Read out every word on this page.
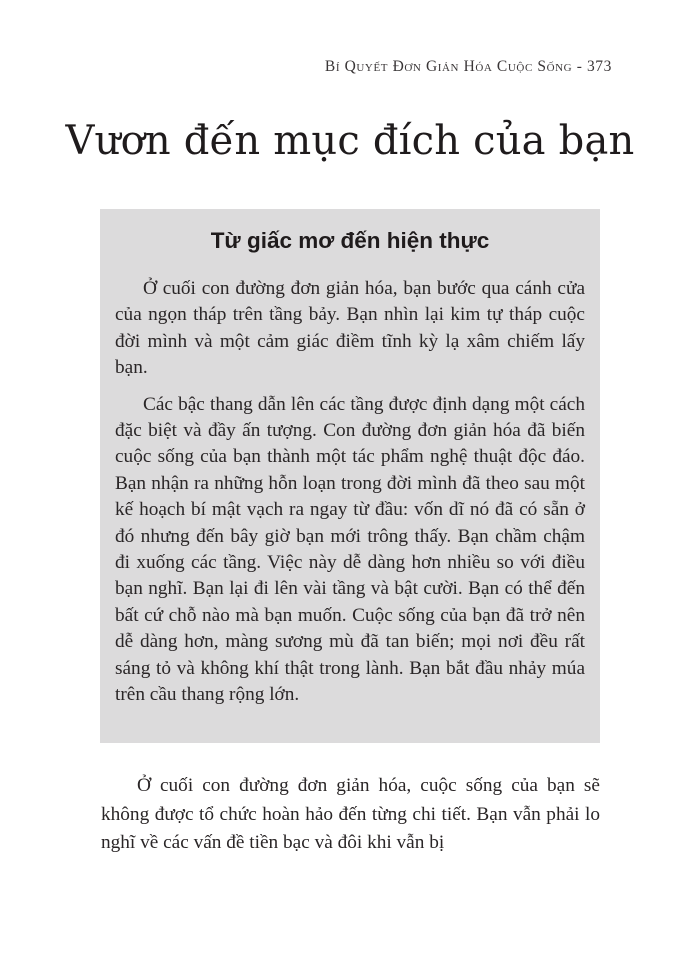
Bí Quyết Đơn Giản Hóa Cuộc Sống - 373
Vươn đến mục đích của bạn
Từ giấc mơ đến hiện thực

Ở cuối con đường đơn giản hóa, bạn bước qua cánh cửa của ngọn tháp trên tầng bảy. Bạn nhìn lại kim tự tháp cuộc đời mình và một cảm giác điềm tĩnh kỳ lạ xâm chiếm lấy bạn.

Các bậc thang dẫn lên các tầng được định dạng một cách đặc biệt và đầy ấn tượng. Con đường đơn giản hóa đã biến cuộc sống của bạn thành một tác phẩm nghệ thuật độc đáo. Bạn nhận ra những hỗn loạn trong đời mình đã theo sau một kế hoạch bí mật vạch ra ngay từ đầu: vốn dĩ nó đã có sẵn ở đó nhưng đến bây giờ bạn mới trông thấy. Bạn chầm chậm đi xuống các tầng. Việc này dễ dàng hơn nhiều so với điều bạn nghĩ. Bạn lại đi lên vài tầng và bật cười. Bạn có thể đến bất cứ chỗ nào mà bạn muốn. Cuộc sống của bạn đã trở nên dễ dàng hơn, màng sương mù đã tan biến; mọi nơi đều rất sáng tỏ và không khí thật trong lành. Bạn bắt đầu nhảy múa trên cầu thang rộng lớn.

Ở cuối con đường đơn giản hóa, cuộc sống của bạn sẽ không được tổ chức hoàn hảo đến từng chi tiết. Bạn vẫn phải lo nghĩ về các vấn đề tiền bạc và đôi khi vẫn bị
